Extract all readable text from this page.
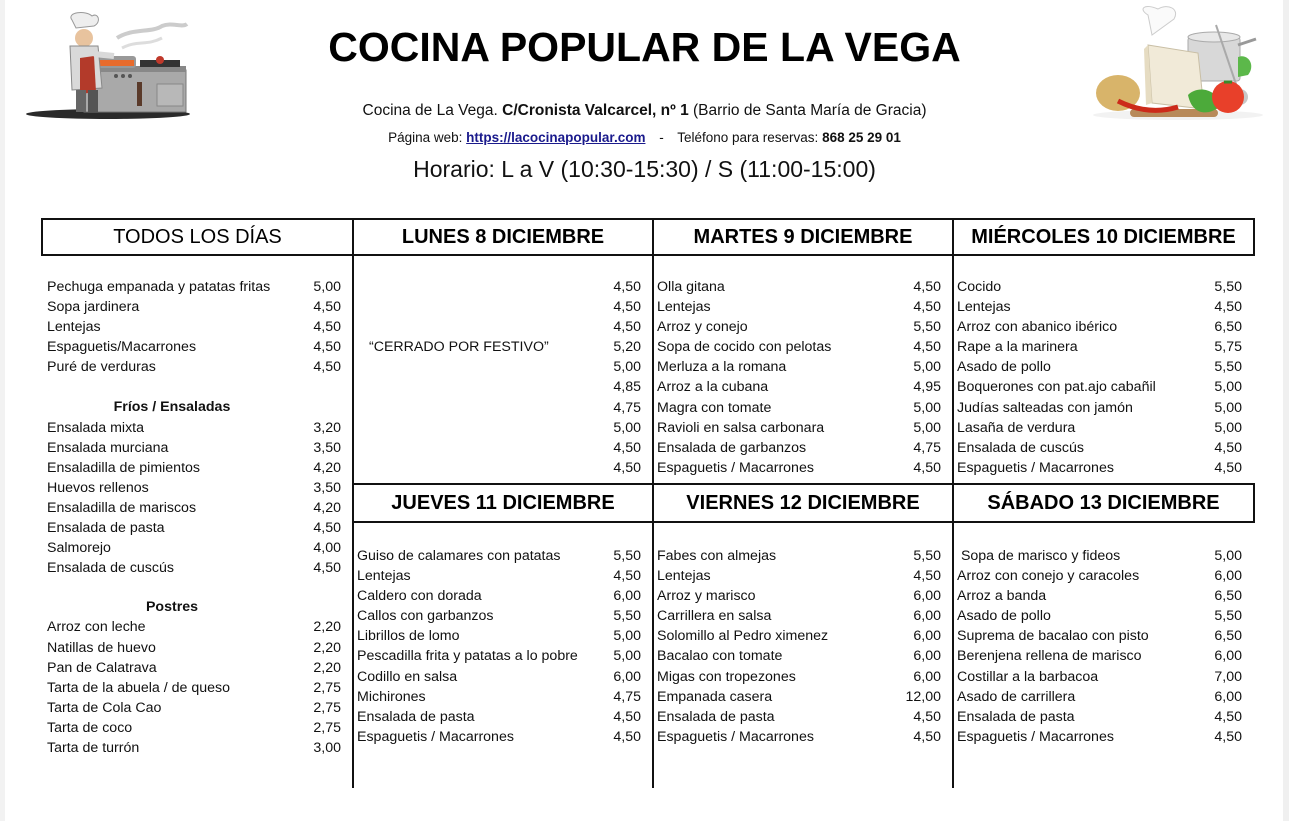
COCINA POPULAR DE LA VEGA
Cocina de La Vega. C/Cronista Valcarcel, nº 1 (Barrio de Santa María de Gracia)
Página web: https://lacocinapopular.com - Teléfono para reservas: 868 25 29 01
Horario: L a V (10:30-15:30) / S (11:00-15:00)
TODOS LOS DÍAS	LUNES 8 DICIEMBRE	MARTES 9 DICIEMBRE	MIÉRCOLES 10 DICIEMBRE
JUEVES 11 DICIEMBRE	VIERNES 12 DICIEMBRE	SÁBADO 13 DICIEMBRE
Pechuga empanada y patatas fritas	5,00
Sopa jardinera	4,50
Lentejas	4,50
Espaguetis/Macarrones	4,50
Puré de verduras	4,50
Fríos / Ensaladas
Ensalada mixta	3,20
Ensalada murciana	3,50
Ensaladilla de pimientos	4,20
Huevos rellenos	3,50
Ensaladilla de mariscos	4,20
Ensalada de pasta	4,50
Salmorejo	4,00
Ensalada de cuscús	4,50
Postres
Arroz con leche	2,20
Natillas de huevo	2,20
Pan de Calatrava	2,20
Tarta de la abuela / de queso	2,75
Tarta de Cola Cao	2,75
Tarta de coco	2,75
Tarta de turrón	3,00
“CERRADO POR FESTIVO”
4,50
4,50
4,50
5,20
5,00
4,85
4,75
5,00
4,50
4,50
Olla gitana	4,50
Lentejas	4,50
Arroz y conejo	5,50
Sopa de cocido con pelotas	4,50
Merluza a la romana	5,00
Arroz a la cubana	4,95
Magra con tomate	5,00
Ravioli en salsa carbonara	5,00
Ensalada de garbanzos	4,75
Espaguetis / Macarrones	4,50
Cocido	5,50
Lentejas	4,50
Arroz con abanico ibérico	6,50
Rape a la marinera	5,75
Asado de pollo	5,50
Boquerones con pat.ajo cabañil	5,00
Judías salteadas con jamón	5,00
Lasaña de verdura	5,00
Ensalada de cuscús	4,50
Espaguetis / Macarrones	4,50
Guiso de calamares con patatas	5,50
Lentejas	4,50
Caldero con dorada	6,00
Callos con garbanzos	5,50
Librillos de lomo	5,00
Pescadilla frita y patatas a lo pobre	5,00
Codillo en salsa	6,00
Michirones	4,75
Ensalada de pasta	4,50
Espaguetis / Macarrones	4,50
Fabes con almejas	5,50
Lentejas	4,50
Arroz y marisco	6,00
Carrillera en salsa	6,00
Solomillo al Pedro ximenez	6,00
Bacalao con tomate	6,00
Migas con tropezones	6,00
Empanada casera	12,00
Ensalada de pasta	4,50
Espaguetis / Macarrones	4,50
Sopa de marisco y fideos	5,00
Arroz con conejo y caracoles	6,00
Arroz a banda	6,50
Asado de pollo	5,50
Suprema de bacalao con pisto	6,50
Berenjena rellena de marisco	6,00
Costillar a la barbacoa	7,00
Asado de carrillera	6,00
Ensalada de pasta	4,50
Espaguetis / Macarrones	4,50
